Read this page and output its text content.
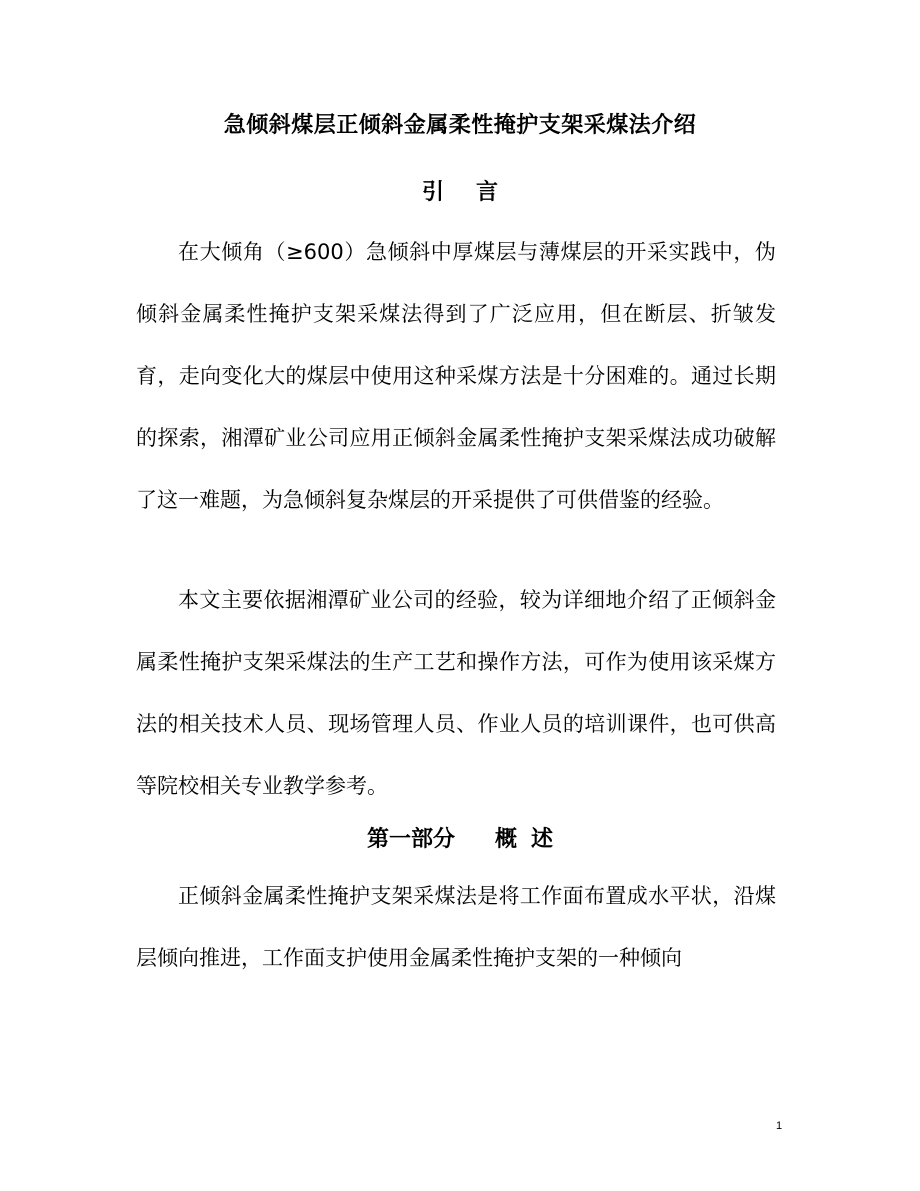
急倾斜煤层正倾斜金属柔性掩护支架采煤法介绍
引 言

在大倾角（≥600）急倾斜中厚煤层与薄煤层的开采实践中，伪倾斜金属柔性掩护支架采煤法得到了广泛应用，但在断层、折皱发育，走向变化大的煤层中使用这种采煤方法是十分困难的。通过长期的探索，湘潭矿业公司应用正倾斜金属柔性掩护支架采煤法成功破解了这一难题，为急倾斜复杂煤层的开采提供了可供借鉴的经验。

本文主要依据湘潭矿业公司的经验，较为详细地介绍了正倾斜金属柔性掩护支架采煤法的生产工艺和操作方法，可作为使用该采煤方法的相关技术人员、现场管理人员、作业人员的培训课件，也可供高等院校相关专业教学参考。

第一部分 概 述

正倾斜金属柔性掩护支架采煤法是将工作面布置成水平状，沿煤层倾向推进，工作面支护使用金属柔性掩护支架的一种倾向

1
